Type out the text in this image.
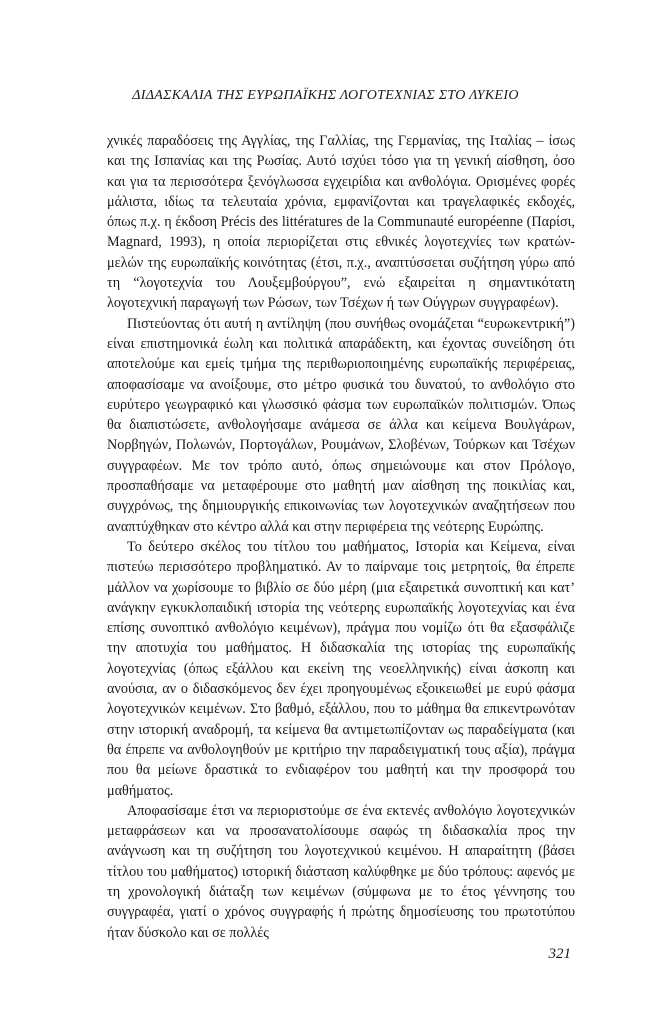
ΔΙΔΑΣΚΑΛΙΑ ΤΗΣ ΕΥΡΩΠΑΪΚΗΣ ΛΟΓΟΤΕΧΝΙΑΣ ΣΤΟ ΛΥΚΕΙΟ

χνικές παραδόσεις της Αγγλίας, της Γαλλίας, της Γερμανίας, της Ιταλίας – ίσως και της Ισπανίας και της Ρωσίας. Αυτό ισχύει τόσο για τη γενική αίσθηση, όσο και για τα περισσότερα ξενόγλωσσα εγχειρίδια και ανθολόγια. Ορισμένες φορές μάλιστα, ιδίως τα τελευταία χρόνια, εμφανίζονται και τραγελαφικές εκδοχές, όπως π.χ. η έκδοση Précis des littératures de la Communauté européenne (Παρίσι, Magnard, 1993), η οποία περιορίζεται στις εθνικές λογοτεχνίες των κρατών-μελών της ευρωπαϊκής κοινότητας (έτσι, π.χ., αναπτύσσεται συζήτηση γύρω από τη “λογοτεχνία του Λουξεμβούργου”, ενώ εξαιρείται η σημαντικότατη λογοτεχνική παραγωγή των Ρώσων, των Τσέχων ή των Ούγγρων συγγραφέων).

Πιστεύοντας ότι αυτή η αντίληψη (που συνήθως ονομάζεται “ευρωκεντρική”) είναι επιστημονικά έωλη και πολιτικά απαράδεκτη, και έχοντας συνείδηση ότι αποτελούμε και εμείς τμήμα της περιθωριοποιημένης ευρωπαϊκής περιφέρειας, αποφασίσαμε να ανοίξουμε, στο μέτρο φυσικά του δυνατού, το ανθολόγιο στο ευρύτερο γεωγραφικό και γλωσσικό φάσμα των ευρωπαϊκών πολιτισμών. Όπως θα διαπιστώσετε, ανθολογήσαμε ανάμεσα σε άλλα και κείμενα Βουλγάρων, Νορβηγών, Πολωνών, Πορτογάλων, Ρουμάνων, Σλοβένων, Τούρκων και Τσέχων συγγραφέων. Με τον τρόπο αυτό, όπως σημειώνουμε και στον Πρόλογο, προσπαθήσαμε να μεταφέρουμε στο μαθητή μαν αίσθηση της ποικιλίας και, συγχρόνως, της δημιουργικής επικοινωνίας των λογοτεχνικών αναζητήσεων που αναπτύχθηκαν στο κέντρο αλλά και στην περιφέρεια της νεότερης Ευρώπης.

Το δεύτερο σκέλος του τίτλου του μαθήματος, Ιστορία και Κείμενα, είναι πιστεύω περισσότερο προβληματικό. Αν το παίρναμε τοις μετρητοίς, θα έπρεπε μάλλον να χωρίσουμε το βιβλίο σε δύο μέρη (μια εξαιρετικά συνοπτική και κατ’ ανάγκην εγκυκλοπαιδική ιστορία της νεότερης ευρωπαϊκής λογοτεχνίας και ένα επίσης συνοπτικό ανθολόγιο κειμένων), πράγμα που νομίζω ότι θα εξασφάλιζε την αποτυχία του μαθήματος. Η διδασκαλία της ιστορίας της ευρωπαϊκής λογοτεχνίας (όπως εξάλλου και εκείνη της νεοελληνικής) είναι άσκοπη και ανούσια, αν ο διδασκόμενος δεν έχει προηγουμένως εξοικειωθεί με ευρύ φάσμα λογοτεχνικών κειμένων. Στο βαθμό, εξάλλου, που το μάθημα θα επικεντρωνόταν στην ιστορική αναδρομή, τα κείμενα θα αντιμετωπίζονταν ως παραδείγματα (και θα έπρεπε να ανθολογηθούν με κριτήριο την παραδειγματική τους αξία), πράγμα που θα μείωνε δραστικά το ενδιαφέρον του μαθητή και την προσφορά του μαθήματος.

Αποφασίσαμε έτσι να περιοριστούμε σε ένα εκτενές ανθολόγιο λογοτεχνικών μεταφράσεων και να προσανατολίσουμε σαφώς τη διδασκαλία προς την ανάγνωση και τη συζήτηση του λογοτεχνικού κειμένου. Η απαραίτητη (βάσει τίτλου του μαθήματος) ιστορική διάσταση καλύφθηκε με δύο τρόπους: αφενός με τη χρονολογική διάταξη των κειμένων (σύμφωνα με το έτος γέννησης του συγγραφέα, γιατί ο χρόνος συγγραφής ή πρώτης δημοσίευσης του πρωτοτύπου ήταν δύσκολο και σε πολλές

321
